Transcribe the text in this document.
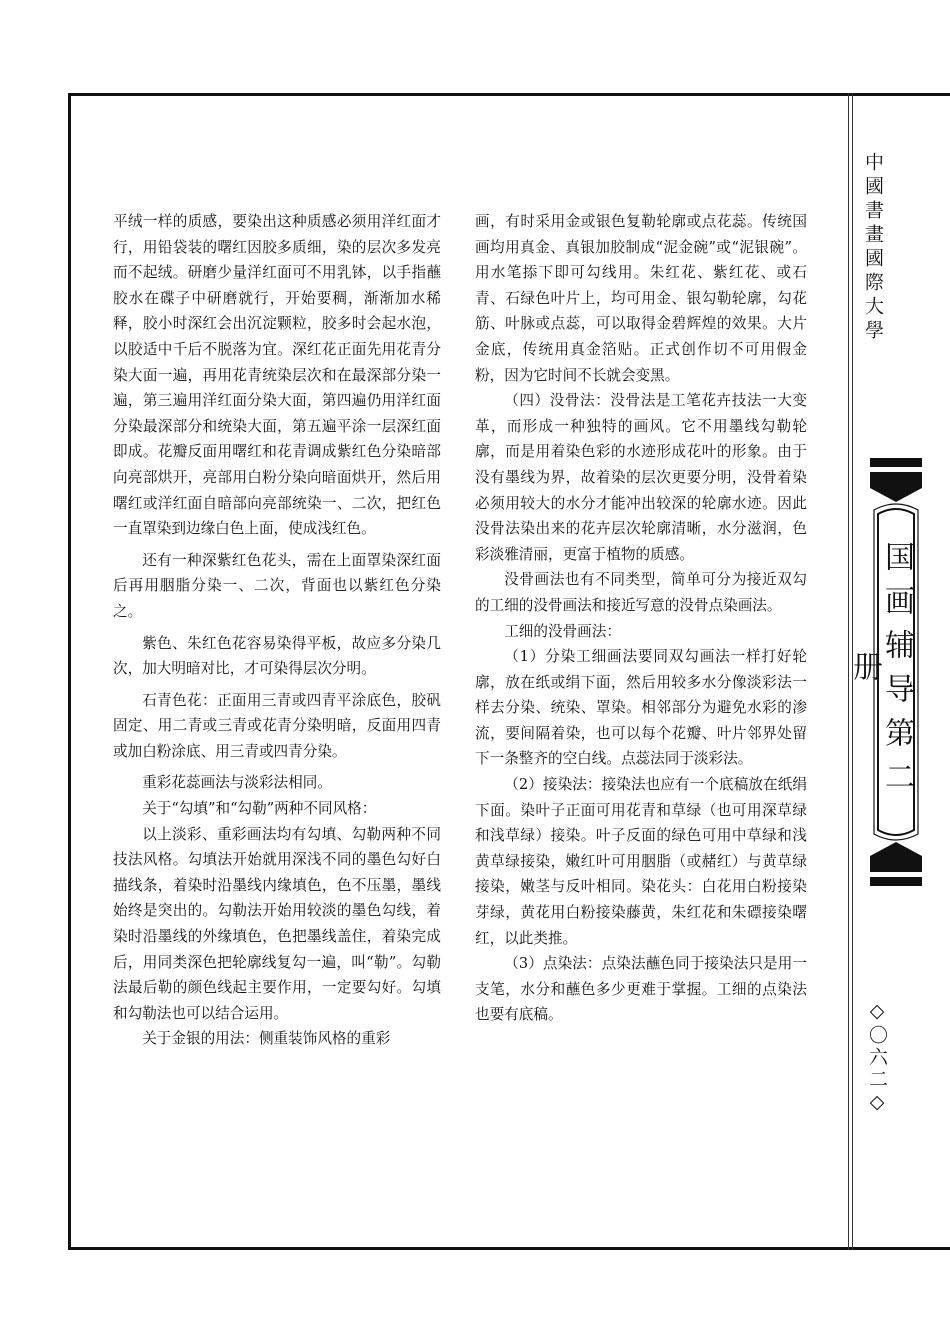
平绒一样的质感，要染出这种质感必须用洋红面才行，用铅袋装的曙红因胶多质细，染的层次多发亮而不起绒。研磨少量洋红面可不用乳钵，以手指蘸胶水在碟子中研磨就行，开始要稠，渐渐加水稀释，胶小时深红会出沉淀颗粒，胶多时会起水泡，以胶适中千后不脱落为宜。深红花正面先用花青分染大面一遍，再用花青统染层次和在最深部分染一遍，第三遍用洋红面分染大面，第四遍仍用洋红面分染最深部分和统染大面，第五遍平涂一层深红面即成。花瓣反面用曙红和花青调成紫红色分染暗部向亮部烘开，亮部用白粉分染向暗面烘开，然后用曙红或洋红面自暗部向亮部统染一、二次，把红色一直罩染到边缘白色上面，使成浅红色。

还有一种深紫红色花头，需在上面罩染深红面后再用胭脂分染一、二次，背面也以紫红色分染之。

紫色、朱红色花容易染得平板，故应多分染几次，加大明暗对比，才可染得层次分明。

石青色花：正面用三青或四青平涂底色，胶矾固定、用二青或三青或花青分染明暗，反面用四青或加白粉涂底、用三青或四青分染。

重彩花蕊画法与淡彩法相同。

关于“勾填”和“勾勒”两种不同风格：

以上淡彩、重彩画法均有勾填、勾勒两种不同技法风格。勾填法开始就用深浅不同的墨色勾好白描线条，着染时沿墨线内缘填色，色不压墨，墨线始终是突出的。勾勒法开始用较淡的墨色勾线，着染时沿墨线的外缘填色，色把墨线盖住，着染完成后，用同类深色把轮廓线复勾一遍，叫“勒”。勾勒法最后勒的颜色线起主要作用，一定要勾好。勾填和勾勒法也可以结合运用。

关于金银的用法：侧重装饰风格的重彩

画，有时采用金或银色复勒轮廓或点花蕊。传统国画均用真金、真银加胶制成“泥金碗”或“泥银碗”。用水笔掭下即可勾线用。朱红花、紫红花、或石青、石绿色叶片上，均可用金、银勾勒轮廓，勾花筋、叶脉或点蕊，可以取得金碧辉煌的效果。大片金底，传统用真金箔贴。正式创作切不可用假金粉，因为它时间不长就会变黑。

（四）没骨法：没骨法是工笔花卉技法一大变革，而形成一种独特的画风。它不用墨线勾勒轮廓，而是用着染色彩的水迹形成花叶的形象。由于没有墨线为界，故着染的层次更要分明，没骨着染必须用较大的水分才能冲出较深的轮廓水迹。因此没骨法染出来的花卉层次轮廓清晰，水分滋润，色彩淡雅清丽，更富于植物的质感。

没骨画法也有不同类型，简单可分为接近双勾的工细的没骨画法和接近写意的没骨点染画法。

工细的没骨画法：

（1）分染工细画法要同双勾画法一样打好轮廓，放在纸或绢下面，然后用较多水分像淡彩法一样去分染、统染、罩染。相邻部分为避免水彩的渗流，要间隔着染，也可以每个花瓣、叶片邻界处留下一条整齐的空白线。点蕊法同于淡彩法。

（2）接染法：接染法也应有一个底稿放在纸绢下面。染叶子正面可用花青和草绿（也可用深草绿和浅草绿）接染。叶子反面的绿色可用中草绿和浅黄草绿接染，嫩红叶可用胭脂（或赭红）与黄草绿接染，嫩茎与反叶相同。染花头：白花用白粉接染芽绿，黄花用白粉接染藤黄，朱红花和朱磦接染曙红，以此类推。

（3）点染法：点染法蘸色同于接染法只是用一支笔，水分和蘸色多少更难于掌握。工细的点染法也要有底稿。

中國書畫國際大學
国画辅导第二册
◇〇六二◇
